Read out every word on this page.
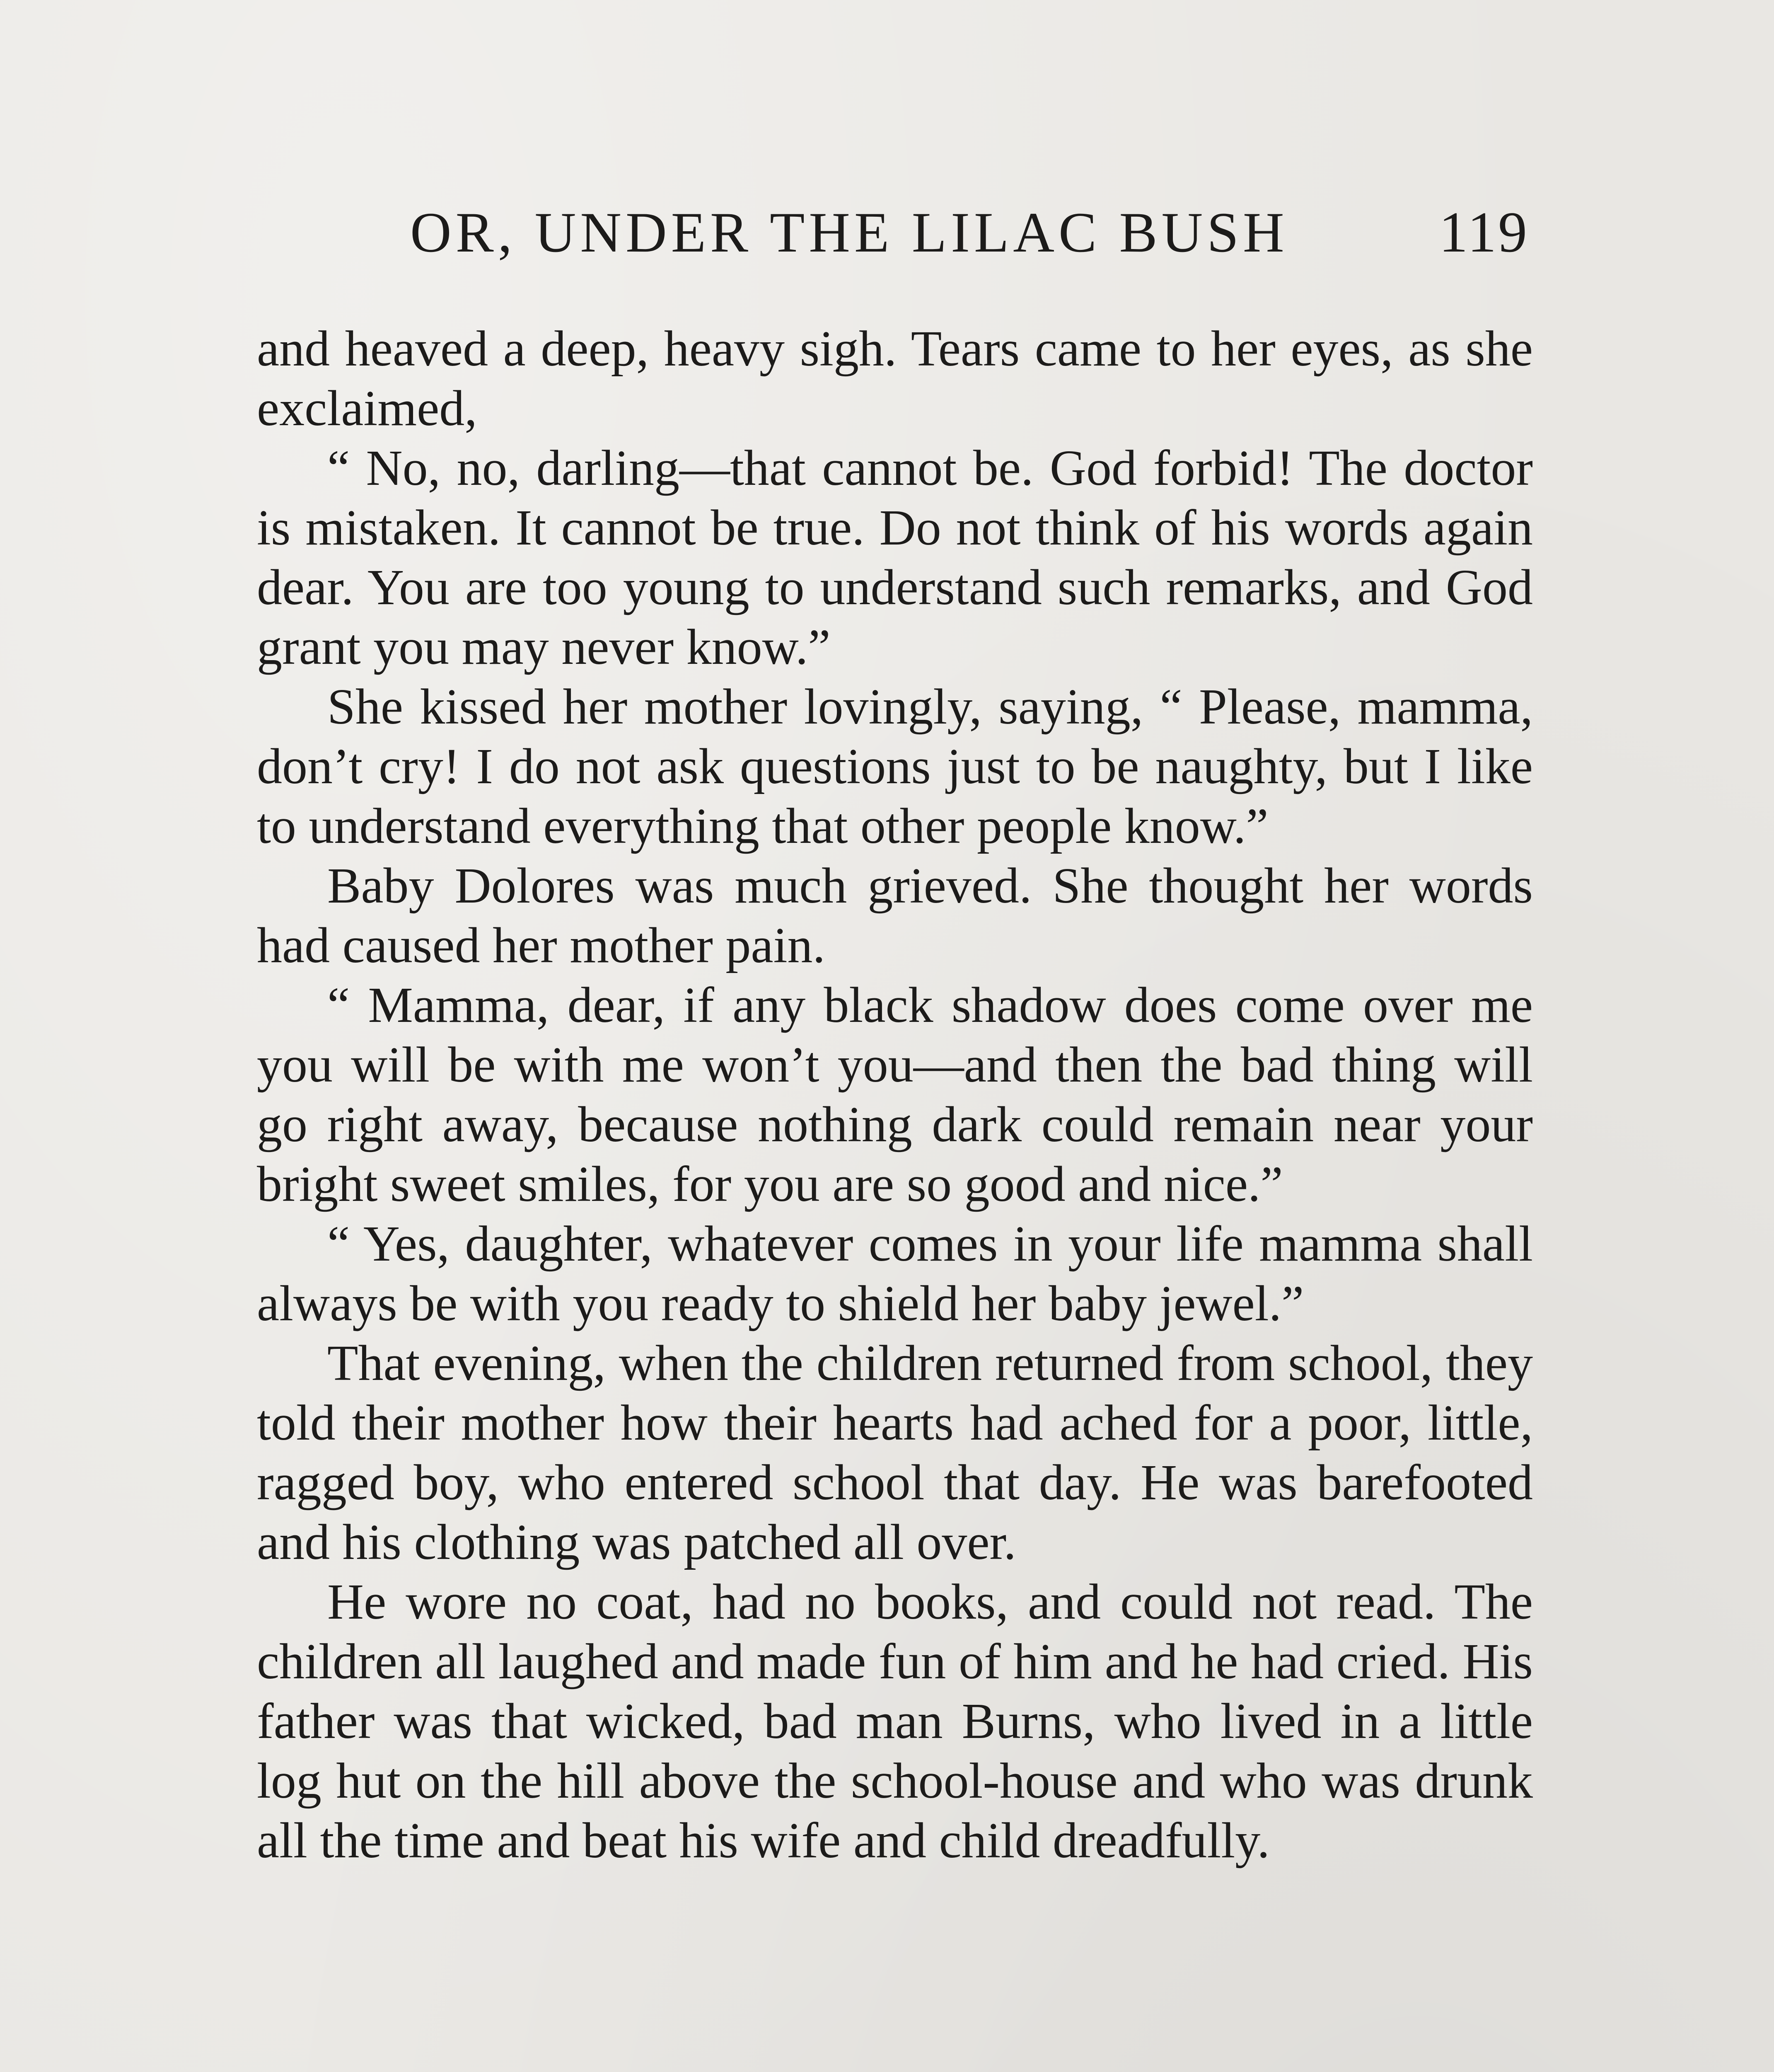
OR, UNDER THE LILAC BUSH	119

and heaved a deep, heavy sigh. Tears came to her eyes, as she exclaimed,

“ No, no, darling—that cannot be. God forbid! The doctor is mistaken. It cannot be true. Do not think of his words again dear. You are too young to understand such remarks, and God grant you may never know.”

She kissed her mother lovingly, saying, “ Please, mamma, don’t cry! I do not ask questions just to be naughty, but I like to understand everything that other people know.”

Baby Dolores was much grieved. She thought her words had caused her mother pain.

“ Mamma, dear, if any black shadow does come over me you will be with me won’t you—and then the bad thing will go right away, because nothing dark could remain near your bright sweet smiles, for you are so good and nice.”

“ Yes, daughter, whatever comes in your life mamma shall always be with you ready to shield her baby jewel.”

That evening, when the children returned from school, they told their mother how their hearts had ached for a poor, little, ragged boy, who entered school that day. He was barefooted and his clothing was patched all over.

He wore no coat, had no books, and could not read. The children all laughed and made fun of him and he had cried. His father was that wicked, bad man Burns, who lived in a little log hut on the hill above the school-house and who was drunk all the time and beat his wife and child dreadfully.
